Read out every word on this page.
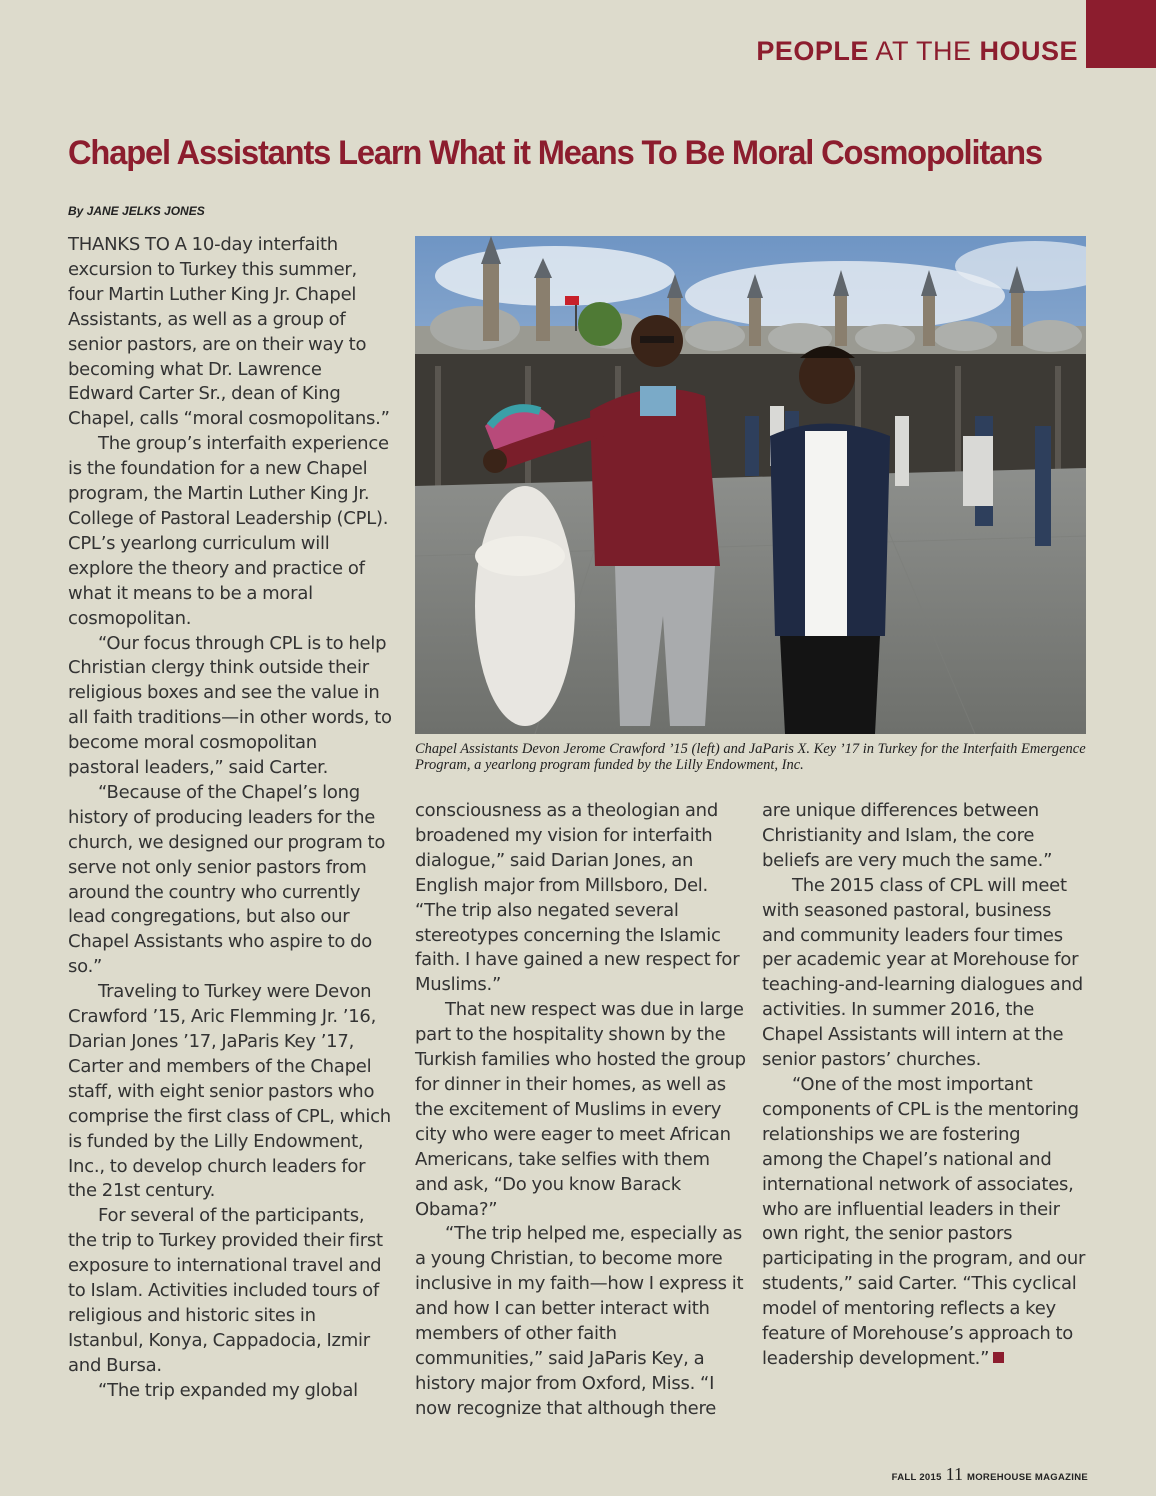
PEOPLE AT THE HOUSE
Chapel Assistants Learn What it Means To Be Moral Cosmopolitans
By JANE JELKS JONES

THANKS TO A 10-day interfaith excursion to Turkey this summer, four Martin Luther King Jr. Chapel Assistants, as well as a group of senior pastors, are on their way to becoming what Dr. Lawrence Edward Carter Sr., dean of King Chapel, calls “moral cosmopolitans.”

The group’s interfaith experience is the foundation for a new Chapel program, the Martin Luther King Jr. College of Pastoral Leadership (CPL). CPL’s yearlong curriculum will explore the theory and practice of what it means to be a moral cosmopolitan.

“Our focus through CPL is to help Christian clergy think outside their religious boxes and see the value in all faith traditions—in other words, to become moral cosmopolitan pastoral leaders,” said Carter.

“Because of the Chapel’s long history of producing leaders for the church, we designed our program to serve not only senior pastors from around the country who currently lead congregations, but also our Chapel Assistants who aspire to do so.”

Traveling to Turkey were Devon Crawford ’15, Aric Flemming Jr. ’16, Darian Jones ’17, JaParis Key ’17, Carter and members of the Chapel staff, with eight senior pastors who comprise the first class of CPL, which is funded by the Lilly Endowment, Inc., to develop church leaders for the 21st century.

For several of the participants, the trip to Turkey provided their first exposure to international travel and to Islam. Activities included tours of religious and historic sites in Istanbul, Konya, Cappadocia, Izmir and Bursa.

“The trip expanded my global

Chapel Assistants Devon Jerome Crawford ’15 (left) and JaParis X. Key ’17 in Turkey for the Interfaith Emergence Program, a yearlong program funded by the Lilly Endowment, Inc.

consciousness as a theologian and broadened my vision for interfaith dialogue,” said Darian Jones, an English major from Millsboro, Del. “The trip also negated several stereotypes concerning the Islamic faith. I have gained a new respect for Muslims.”

That new respect was due in large part to the hospitality shown by the Turkish families who hosted the group for dinner in their homes, as well as the excitement of Muslims in every city who were eager to meet African Americans, take selfies with them and ask, “Do you know Barack Obama?”

“The trip helped me, especially as a young Christian, to become more inclusive in my faith—how I express it and how I can better interact with members of other faith communities,” said JaParis Key, a history major from Oxford, Miss. “I now recognize that although there

are unique differences between Christianity and Islam, the core beliefs are very much the same.”

The 2015 class of CPL will meet with seasoned pastoral, business and community leaders four times per academic year at Morehouse for teaching-and-learning dialogues and activities. In summer 2016, the Chapel Assistants will intern at the senior pastors’ churches.

“One of the most important components of CPL is the mentoring relationships we are fostering among the Chapel’s national and international network of associates, who are influential leaders in their own right, the senior pastors participating in the program, and our students,” said Carter. “This cyclical model of mentoring reflects a key feature of Morehouse’s approach to leadership development.”

FALL 2015 11 MOREHOUSE MAGAZINE
